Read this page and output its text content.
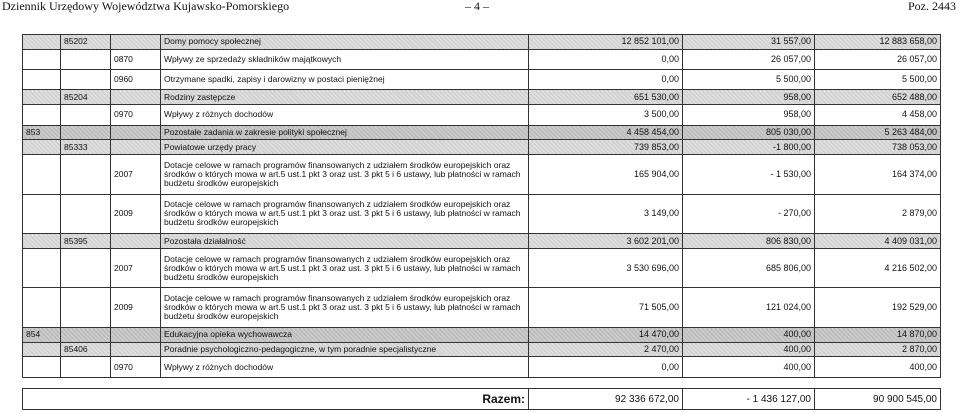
Dziennik Urzędowy Województwa Kujawsko-Pomorskiego	– 4 –	Poz. 2443
	85202		Domy pomocy społecznej	12 852 101,00	31 557,00	12 883 658,00
		0870	Wpływy ze sprzedaży składników majątkowych	0,00	26 057,00	26 057,00
		0960	Otrzymane spadki, zapisy i darowizny w postaci pieniężnej	0,00	5 500,00	5 500,00
	85204		Rodziny zastępcze	651 530,00	958,00	652 488,00
		0970	Wpływy z różnych dochodów	3 500,00	958,00	4 458,00
853			Pozostałe zadania w zakresie polityki społecznej	4 458 454,00	805 030,00	5 263 484,00
	85333		Powiatowe urzędy pracy	739 853,00	-1 800,00	738 053,00
		2007	Dotacje celowe w ramach programów finansowanych z udziałem środków europejskich oraz środków o których mowa w art.5 ust.1 pkt 3 oraz ust. 3 pkt 5 i 6 ustawy, lub płatności w ramach budżetu środków europejskich	165 904,00	- 1 530,00	164 374,00
		2009	Dotacje celowe w ramach programów finansowanych z udziałem środków europejskich oraz środków o których mowa w art.5 ust.1 pkt 3 oraz ust. 3 pkt 5 i 6 ustawy, lub płatności w ramach budżetu środków europejskich	3 149,00	- 270,00	2 879,00
	85395		Pozostała działalność	3 602 201,00	806 830,00	4 409 031,00
		2007	Dotacje celowe w ramach programów finansowanych z udziałem środków europejskich oraz środków o których mowa w art.5 ust.1 pkt 3 oraz ust. 3 pkt 5 i 6 ustawy, lub płatności w ramach budżetu środków europejskich	3 530 696,00	685 806,00	4 216 502,00
		2009	Dotacje celowe w ramach programów finansowanych z udziałem środków europejskich oraz środków o których mowa w art.5 ust.1 pkt 3 oraz ust. 3 pkt 5 i 6 ustawy, lub płatności w ramach budżetu środków europejskich	71 505,00	121 024,00	192 529,00
854			Edukacyjna opieka wychowawcza	14 470,00	400,00	14 870,00
	85406		Poradnie psychologiczno-pedagogiczne, w tym poradnie specjalistyczne	2 470,00	400,00	2 870,00
		0970	Wpływy z różnych dochodów	0,00	400,00	400,00
Razem:	92 336 672,00	- 1 436 127,00	90 900 545,00
